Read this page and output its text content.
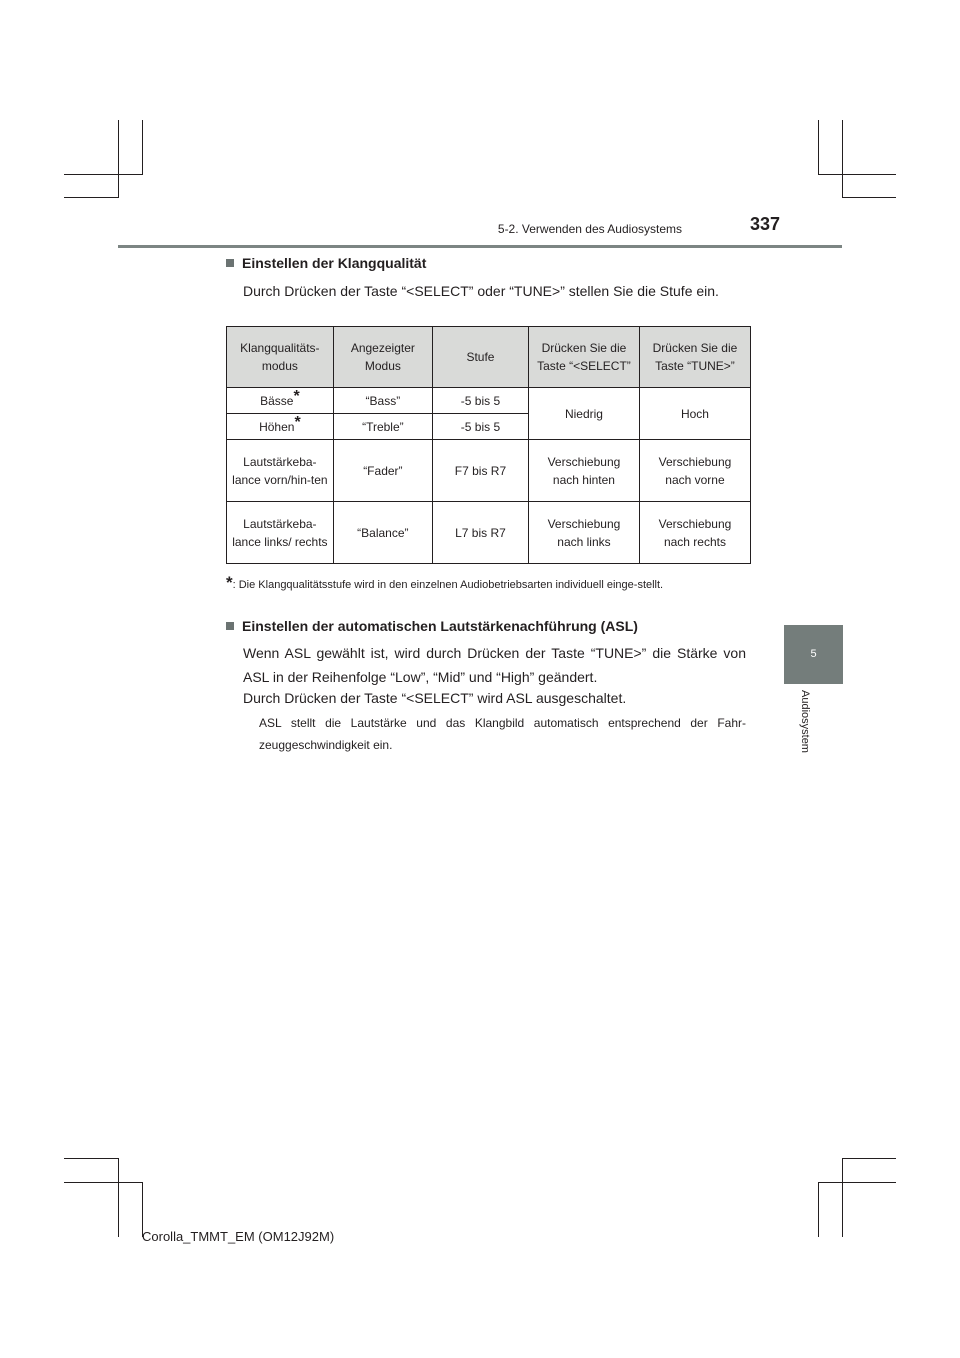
5-2. Verwenden des Audiosystems	337
5
Audiosystem
Einstellen der Klangqualität
Durch Drücken der Taste “<SELECT” oder “TUNE>” stellen Sie die Stufe ein.
Klangqualitäts-modus	Angezeigter Modus	Stufe	Drücken Sie die Taste “<SELECT”	Drücken Sie die Taste “TUNE>”
Bässe*	“Bass”	-5 bis 5	Niedrig	Hoch
Höhen*	“Treble”	-5 bis 5		
Lautstärkeba-lance vorn/hin-ten	“Fader”	F7 bis R7	Verschiebung nach hinten	Verschiebung nach vorne
Lautstärkeba-lance links/ rechts	“Balance”	L7 bis R7	Verschiebung nach links	Verschiebung nach rechts
*: Die Klangqualitätsstufe wird in den einzelnen Audiobetriebsarten individuell einge-stellt.
Einstellen der automatischen Lautstärkenachführung (ASL)
Wenn ASL gewählt ist, wird durch Drücken der Taste “TUNE>” die Stärke von ASL in der Reihenfolge “Low”, “Mid” und “High” geändert.
Durch Drücken der Taste “<SELECT” wird ASL ausgeschaltet.
ASL stellt die Lautstärke und das Klangbild automatisch entsprechend der Fahr-zeuggeschwindigkeit ein.
Corolla_TMMT_EM (OM12J92M)
